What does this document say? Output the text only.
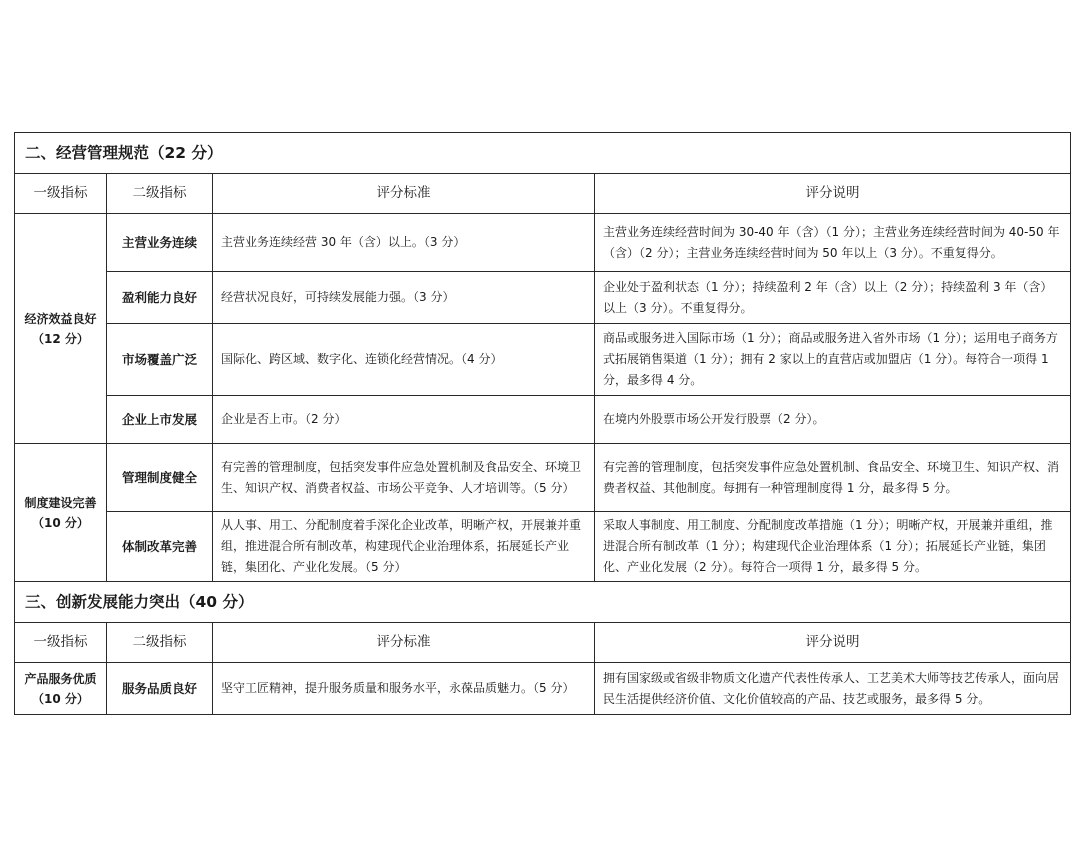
二、经营管理规范（22 分）			
一级指标	二级指标	评分标准	评分说明
经济效益良好
（12 分）	主营业务连续	主营业务连续经营 30 年（含）以上。（3 分）	主营业务连续经营时间为 30-40 年（含）（1 分）；主营业务连续经营时间为 40-50 年（含）（2 分）；主营业务连续经营时间为 50 年以上（3 分）。不重复得分。
	盈利能力良好	经营状况良好，可持续发展能力强。（3 分）	企业处于盈利状态（1 分）；持续盈利 2 年（含）以上（2 分）；持续盈利 3 年（含）以上（3 分）。不重复得分。
	市场覆盖广泛	国际化、跨区域、数字化、连锁化经营情况。（4 分）	商品或服务进入国际市场（1 分）；商品或服务进入省外市场（1 分）；运用电子商务方式拓展销售渠道（1 分）；拥有 2 家以上的直营店或加盟店（1 分）。每符合一项得 1 分，最多得 4 分。
	企业上市发展	企业是否上市。（2 分）	在境内外股票市场公开发行股票（2 分）。
制度建设完善
（10 分）	管理制度健全	有完善的管理制度，包括突发事件应急处置机制及食品安全、环境卫生、知识产权、消费者权益、市场公平竞争、人才培训等。（5 分）	有完善的管理制度，包括突发事件应急处置机制、食品安全、环境卫生、知识产权、消费者权益、其他制度。每拥有一种管理制度得 1 分，最多得 5 分。
	体制改革完善	从人事、用工、分配制度着手深化企业改革，明晰产权，开展兼并重组，推进混合所有制改革，构建现代企业治理体系，拓展延长产业链，集团化、产业化发展。（5 分）	采取人事制度、用工制度、分配制度改革措施（1 分）；明晰产权，开展兼并重组，推进混合所有制改革（1 分）；构建现代企业治理体系（1 分）；拓展延长产业链，集团化、产业化发展（2 分）。每符合一项得 1 分，最多得 5 分。
三、创新发展能力突出（40 分）			
一级指标	二级指标	评分标准	评分说明
产品服务优质
（10 分）	服务品质良好	坚守工匠精神，提升服务质量和服务水平，永葆品质魅力。（5 分）	拥有国家级或省级非物质文化遗产代表性传承人、工艺美术大师等技艺传承人，面向居民生活提供经济价值、文化价值较高的产品、技艺或服务，最多得 5 分。
